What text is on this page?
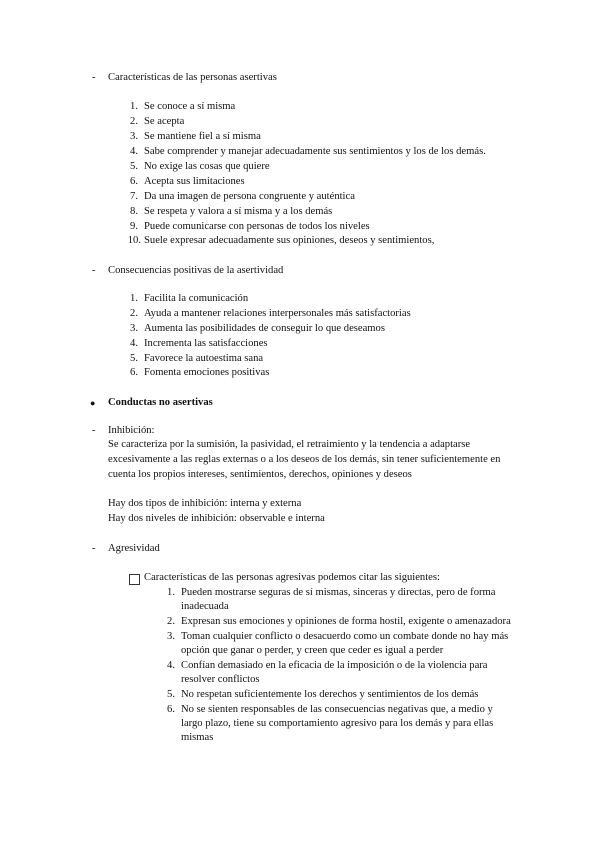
- Características de las personas asertivas
1. Se conoce a sí misma
2. Se acepta
3. Se mantiene fiel a sí misma
4. Sabe comprender y manejar adecuadamente sus sentimientos y los de los demás.
5. No exige las cosas que quiere
6. Acepta sus limitaciones
7. Da una imagen de persona congruente y auténtica
8. Se respeta y valora a sí misma y a los demás
9. Puede comunicarse con personas de todos los niveles
10. Suele expresar adecuadamente sus opiniones, deseos y sentimientos,
- Consecuencias positivas de la asertividad
1. Facilita la comunicación
2. Ayuda a mantener relaciones interpersonales más satisfactorias
3. Aumenta las posibilidades de conseguir lo que deseamos
4. Incrementa las satisfacciones
5. Favorece la autoestima sana
6. Fomenta emociones positivas
● Conductas no asertivas
- Inhibición:
Se caracteriza por la sumisión, la pasividad, el retraimiento y la tendencia a adaptarse
excesivamente a las reglas externas o a los deseos de los demás, sin tener suficientemente en
cuenta los propios intereses, sentimientos, derechos, opiniones y deseos
Hay dos tipos de inhibición: interna y externa
Hay dos niveles de inhibición: observable e interna
- Agresividad
Características de las personas agresivas podemos citar las siguientes:
1. Pueden mostrarse seguras de sí mismas, sinceras y directas, pero de forma
inadecuada
2. Expresan sus emociones y opiniones de forma hostil, exigente o amenazadora
3. Toman cualquier conflicto o desacuerdo como un combate donde no hay más
opción que ganar o perder, y creen que ceder es igual a perder
4. Confían demasiado en la eficacia de la imposición o de la violencia para
resolver conflictos
5. No respetan suficientemente los derechos y sentimientos de los demás
6. No se sienten responsables de las consecuencias negativas que, a medio y
largo plazo, tiene su comportamiento agresivo para los demás y para ellas
mismas
